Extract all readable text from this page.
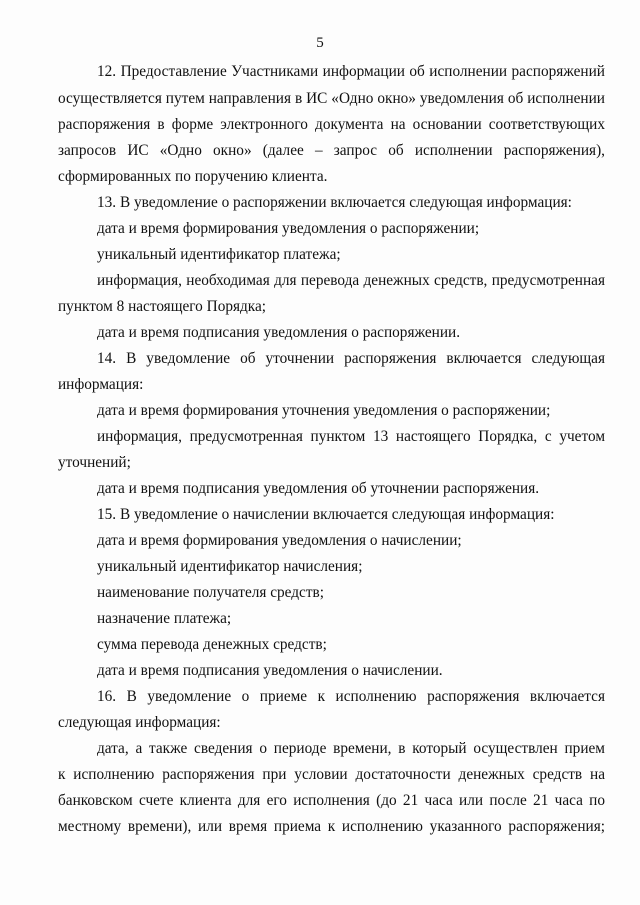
5
12. Предоставление Участниками информации об исполнении распоряжений
осуществляется путем направления в ИС «Одно окно» уведомления об исполнении
распоряжения в форме электронного документа на основании соответствующих
запросов ИС «Одно окно» (далее – запрос об исполнении распоряжения),
сформированных по поручению клиента.
13. В уведомление о распоряжении включается следующая информация:
дата и время формирования уведомления о распоряжении;
уникальный идентификатор платежа;
информация, необходимая для перевода денежных средств, предусмотренная
пунктом 8 настоящего Порядка;
дата и время подписания уведомления о распоряжении.
14. В уведомление об уточнении распоряжения включается следующая
информация:
дата и время формирования уточнения уведомления о распоряжении;
информация, предусмотренная пунктом 13 настоящего Порядка, с учетом
уточнений;
дата и время подписания уведомления об уточнении распоряжения.
15. В уведомление о начислении включается следующая информация:
дата и время формирования уведомления о начислении;
уникальный идентификатор начисления;
наименование получателя средств;
назначение платежа;
сумма перевода денежных средств;
дата и время подписания уведомления о начислении.
16. В уведомление о приеме к исполнению распоряжения включается
следующая информация:
дата, а также сведения о периоде времени, в который осуществлен прием
к исполнению распоряжения при условии достаточности денежных средств на
банковском счете клиента для его исполнения (до 21 часа или после 21 часа по
местному времени), или время приема к исполнению указанного распоряжения;
